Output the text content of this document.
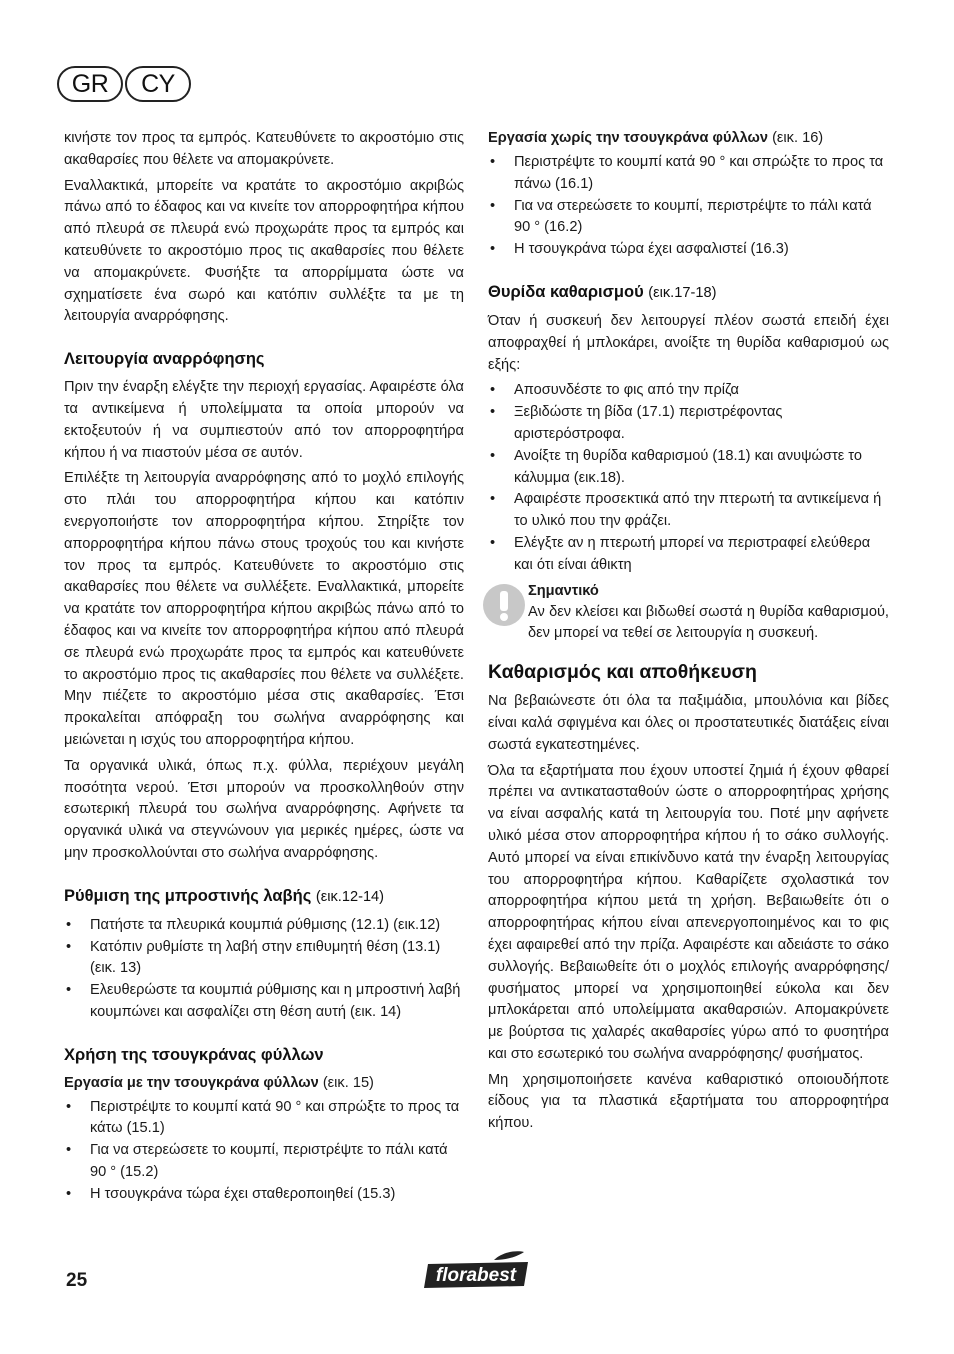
GR	CY

κινήστε τον προς τα εμπρός. Κατευθύνετε το ακροστόμιο στις ακαθαρσίες που θέλετε να απομακρύνετε.

Εναλλακτικά, μπορείτε να κρατάτε το ακροστόμιο ακριβώς πάνω από το έδαφος και να κινείτε τον απορροφητήρα κήπου από πλευρά σε πλευρά ενώ προχωράτε προς τα εμπρός και κατευθύνετε το ακροστόμιο προς τις ακαθαρσίες που θέλετε να απομακρύνετε. Φυσήξτε τα απορρίμματα ώστε να σχηματίσετε ένα σωρό και κατόπιν συλλέξτε τα με τη λειτουργία αναρρόφησης.

Λειτουργία αναρρόφησης

Πριν την έναρξη ελέγξτε την περιοχή εργασίας. Αφαιρέστε όλα τα αντικείμενα ή υπολείμματα τα οποία μπορούν να εκτοξευτούν ή να συμπιεστούν από τον απορροφητήρα κήπου ή να πιαστούν μέσα σε αυτόν.

Επιλέξτε τη λειτουργία αναρρόφησης από το μοχλό επιλογής στο πλάι του απορροφητήρα κήπου και κατόπιν ενεργοποιήστε τον απορροφητήρα κήπου. Στηρίξτε τον απορροφητήρα κήπου πάνω στους τροχούς του και κινήστε τον προς τα εμπρός. Κατευθύνετε το ακροστόμιο στις ακαθαρσίες που θέλετε να συλλέξετε. Εναλλακτικά, μπορείτε να κρατάτε τον απορροφητήρα κήπου ακριβώς πάνω από το έδαφος και να κινείτε τον απορροφητήρα κήπου από πλευρά σε πλευρά ενώ προχωράτε προς τα εμπρός και κατευθύνετε το ακροστόμιο προς τις ακαθαρσίες που θέλετε να συλλέξετε. Μην πιέζετε το ακροστόμιο μέσα στις ακαθαρσίες. Έτσι προκαλείται απόφραξη του σωλήνα αναρρόφησης και μειώνεται η ισχύς του απορροφητήρα κήπου.

Τα οργανικά υλικά, όπως π.χ. φύλλα, περιέχουν μεγάλη ποσότητα νερού. Έτσι μπορούν να προσκολληθούν στην εσωτερική πλευρά του σωλήνα αναρρόφησης. Αφήνετε τα οργανικά υλικά να στεγνώνουν για μερικές ημέρες, ώστε να μην προσκολλούνται στο σωλήνα αναρρόφησης.

Ρύθμιση της μπροστινής λαβής (εικ.12-14)
• Πατήστε τα πλευρικά κουμπιά ρύθμισης (12.1) (εικ.12)
• Κατόπιν ρυθμίστε τη λαβή στην επιθυμητή θέση (13.1) (εικ. 13)
• Ελευθερώστε τα κουμπιά ρύθμισης και η μπροστινή λαβή κουμπώνει και ασφαλίζει στη θέση αυτή (εικ. 14)
Χρήση της τσουγκράνας φύλλων
Εργασία με την τσουγκράνα φύλλων (εικ. 15)
• Περιστρέψτε το κουμπί κατά 90 ° και σπρώξτε το προς τα κάτω (15.1)
• Για να στερεώσετε το κουμπί, περιστρέψτε το πάλι κατά 90 ° (15.2)
• Η τσουγκράνα τώρα έχει σταθεροποιηθεί (15.3)
Εργασία χωρίς την τσουγκράνα φύλλων (εικ. 16)
• Περιστρέψτε το κουμπί κατά 90 ° και σπρώξτε το προς τα πάνω (16.1)
• Για να στερεώσετε το κουμπί, περιστρέψτε το πάλι κατά 90 ° (16.2)
• Η τσουγκράνα τώρα έχει ασφαλιστεί (16.3)
Θυρίδα καθαρισμού (εικ.17-18)

Όταν ή συσκευή δεν λειτουργεί πλέον σωστά επειδή έχει αποφραχθεί ή μπλοκάρει, ανοίξτε τη θυρίδα καθαρισμού ως εξής:

• Αποσυνδέστε το φις από την πρίζα
• Ξεβιδώστε τη βίδα (17.1) περιστρέφοντας αριστερόστροφα.
• Ανοίξτε τη θυρίδα καθαρισμού (18.1) και ανυψώστε το κάλυμμα (εικ.18).
• Αφαιρέστε προσεκτικά από την πτερωτή τα αντικείμενα ή το υλικό που την φράζει.
• Ελέγξτε αν η πτερωτή μπορεί να περιστραφεί ελεύθερα και ότι είναι άθικτη
Σημαντικό

Αν δεν κλείσει και βιδωθεί σωστά η θυρίδα καθαρισμού, δεν μπορεί να τεθεί σε λειτουργία η συσκευή.

Καθαρισμός και αποθήκευση

Να βεβαιώνεστε ότι όλα τα παξιμάδια, μπουλόνια και βίδες είναι καλά σφιγμένα και όλες οι προστατευτικές διατάξεις είναι σωστά εγκατεστημένες.

Όλα τα εξαρτήματα που έχουν υποστεί ζημιά ή έχουν φθαρεί πρέπει να αντικατασταθούν ώστε ο απορροφητήρας χρήσης να είναι ασφαλής κατά τη λειτουργία του. Ποτέ μην αφήνετε υλικό μέσα στον απορροφητήρα κήπου ή το σάκο συλλογής. Αυτό μπορεί να είναι επικίνδυνο κατά την έναρξη λειτουργίας του απορροφητήρα κήπου. Καθαρίζετε σχολαστικά τον απορροφητήρα κήπου μετά τη χρήση. Βεβαιωθείτε ότι ο απορροφητήρας κήπου είναι απενεργοποιημένος και το φις έχει αφαιρεθεί από την πρίζα. Αφαιρέστε και αδειάστε το σάκο συλλογής. Βεβαιωθείτε ότι ο μοχλός επιλογής αναρρόφησης/ φυσήματος μπορεί να χρησιμοποιηθεί εύκολα και δεν μπλοκάρεται από υπολείμματα ακαθαρσιών. Απομακρύνετε με βούρτσα τις χαλαρές ακαθαρσίες γύρω από το φυσητήρα και στο εσωτερικό του σωλήνα αναρρόφησης/ φυσήματος.

Μη χρησιμοποιήσετε κανένα καθαριστικό οποιουδήποτε είδους για τα πλαστικά εξαρτήματα του απορροφητήρα κήπου.

25	florabest
